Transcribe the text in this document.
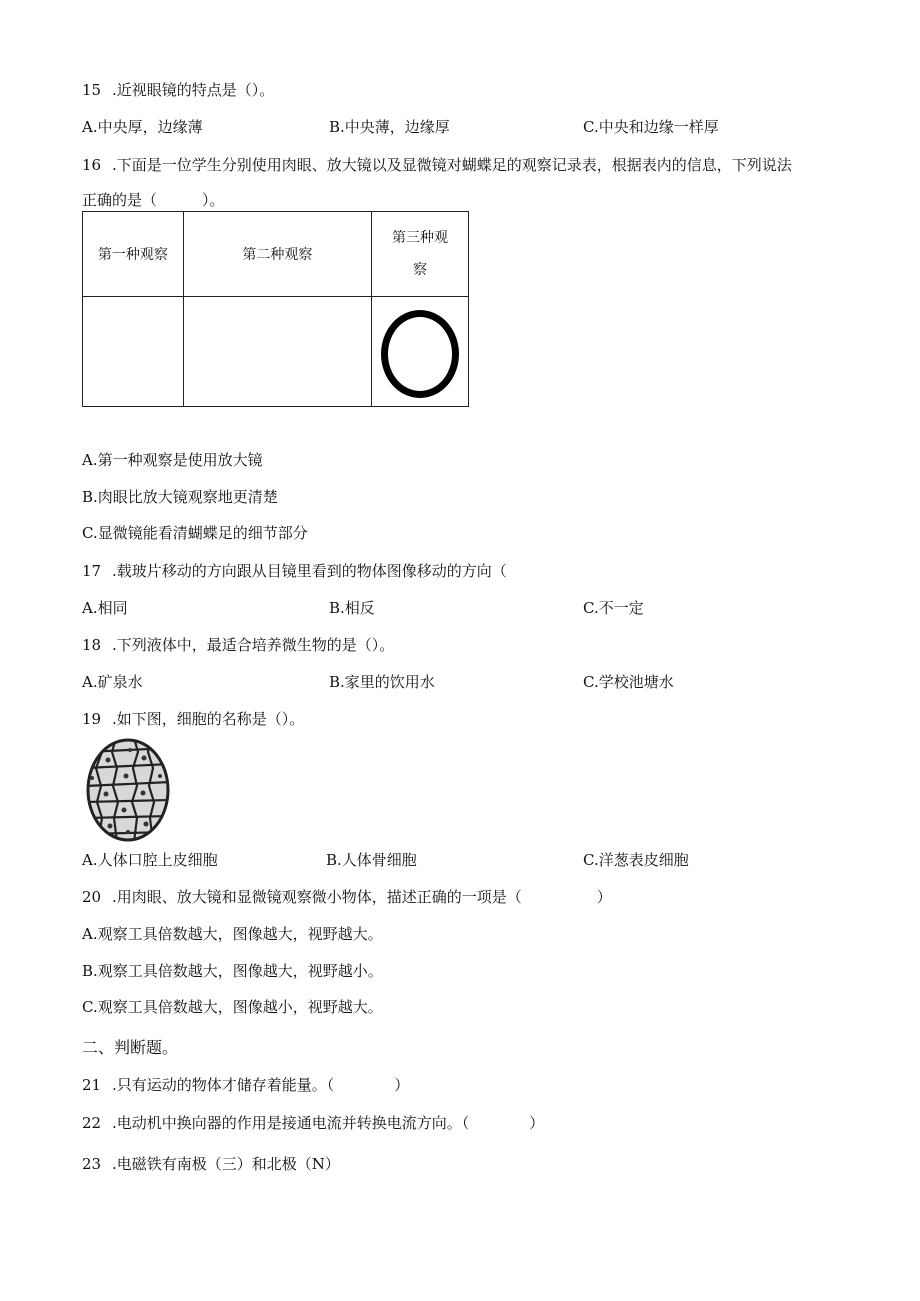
15 .近视眼镜的特点是（）。
A.中央厚，边缘薄	B.中央薄，边缘厚	C.中央和边缘一样厚
16 .下面是一位学生分别使用肉眼、放大镜以及显微镜对蝴蝶足的观察记录表，根据表内的信息，下列说法
正确的是（　　　）。
第一种观察	第二种观察	第三种观
察

A.第一种观察是使用放大镜
B.肉眼比放大镜观察地更清楚
C.显微镜能看清蝴蝶足的细节部分
17 .载玻片移动的方向跟从目镜里看到的物体图像移动的方向（
A.相同	B.相反	C.不一定
18 .下列液体中，最适合培养微生物的是（）。
A.矿泉水	B.家里的饮用水	C.学校池塘水
19 .如下图，细胞的名称是（）。
A.人体口腔上皮细胞	B.人体骨细胞	C.洋葱表皮细胞
20 .用肉眼、放大镜和显微镜观察微小物体，描述正确的一项是（　　　　　）
A.观察工具倍数越大，图像越大，视野越大。
B.观察工具倍数越大，图像越大，视野越小。
C.观察工具倍数越大，图像越小，视野越大。
二、判断题。
21 .只有运动的物体才储存着能量。（　　　　）
22 .电动机中换向器的作用是接通电流并转换电流方向。（　　　　）
23 .电磁铁有南极（三）和北极（N）
